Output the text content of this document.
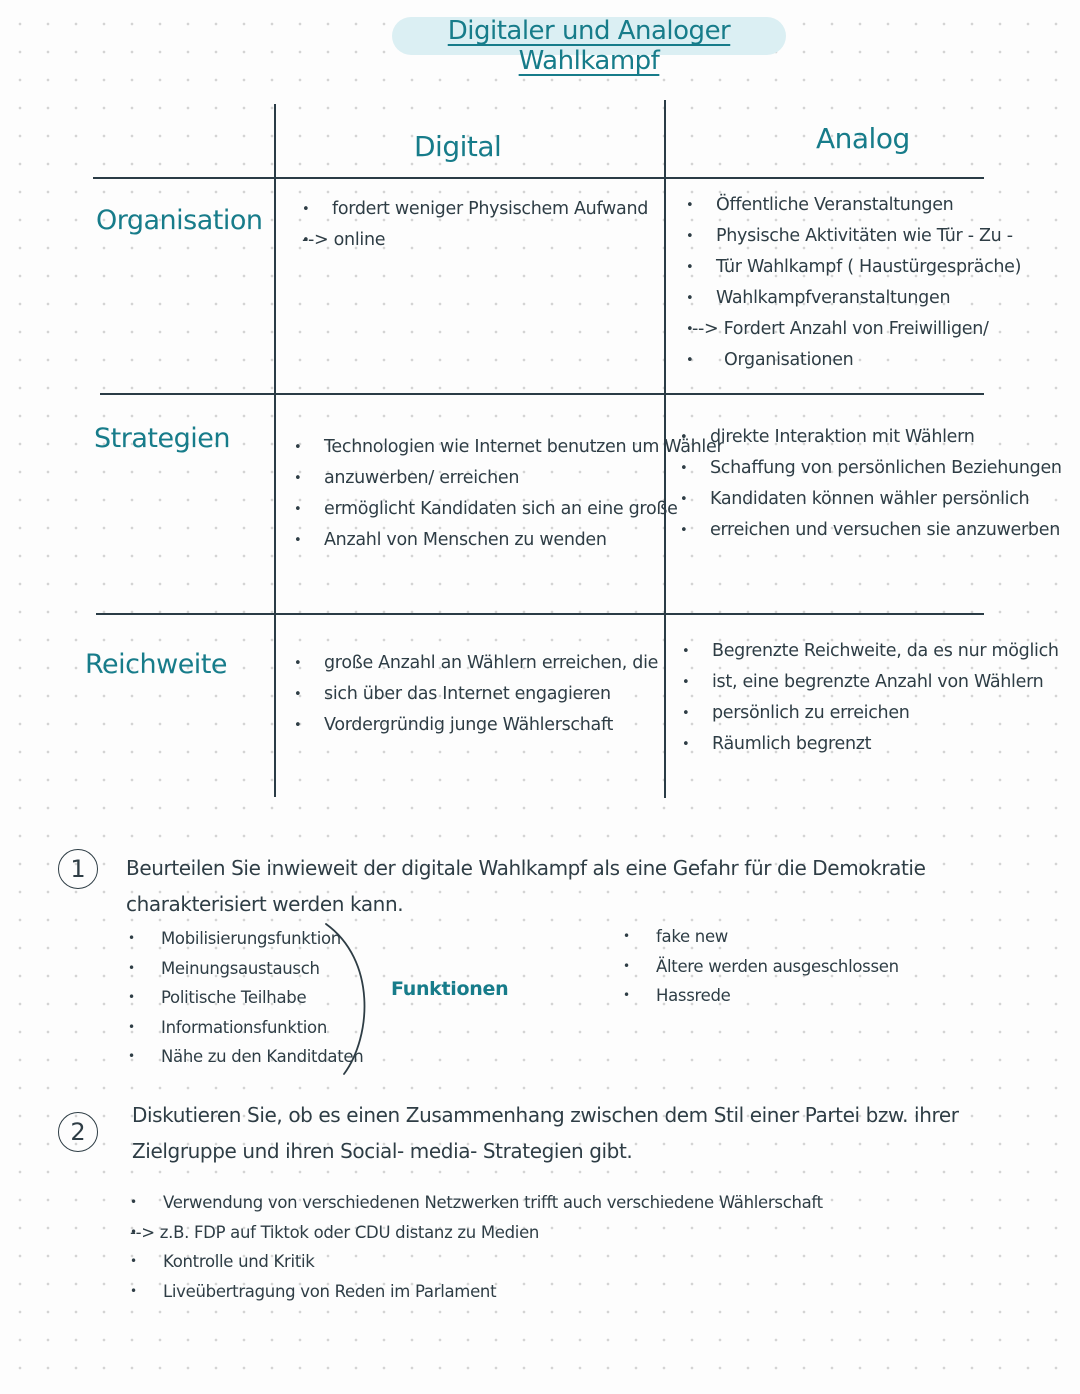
Digitaler und Analoger Wahlkampf
Digital	Analog
Organisation
Strategien
Reichweite
• fordert weniger Physischem Aufwand
• --> online
• Öffentliche Veranstaltungen
• Physische Aktivitäten wie Tür - Zu -
• Tür Wahlkampf ( Haustürgespräche)
• Wahlkampfveranstaltungen
• --> Fordert Anzahl von Freiwilligen/
• Organisationen
• Technologien wie Internet benutzen um Wähler
• anzuwerben/ erreichen
• ermöglicht Kandidaten sich an eine große
• Anzahl von Menschen zu wenden
• direkte Interaktion mit Wählern
• Schaffung von persönlichen Beziehungen
• Kandidaten können wähler persönlich
• erreichen und versuchen sie anzuwerben
• große Anzahl an Wählern erreichen, die
• sich über das Internet engagieren
• Vordergründig junge Wählerschaft
• Begrenzte Reichweite, da es nur möglich
• ist, eine begrenzte Anzahl von Wählern
• persönlich zu erreichen
• Räumlich begrenzt
1	Beurteilen Sie inwieweit der digitale Wahlkampf als eine Gefahr für die Demokratie
charakterisiert werden kann.
• Mobilisierungsfunktion
• Meinungsaustausch
• Politische Teilhabe
• Informationsfunktion
• Nähe zu den Kanditdaten
Funktionen
• fake new
• Ältere werden ausgeschlossen
• Hassrede
2
Diskutieren Sie, ob es einen Zusammenhang zwischen dem Stil einer Partei bzw. ihrer
Zielgruppe und ihren Social- media- Strategien gibt.
• Verwendung von verschiedenen Netzwerken trifft auch verschiedene Wählerschaft
• --> z.B. FDP auf Tiktok oder CDU distanz zu Medien
• Kontrolle und Kritik
• Liveübertragung von Reden im Parlament
